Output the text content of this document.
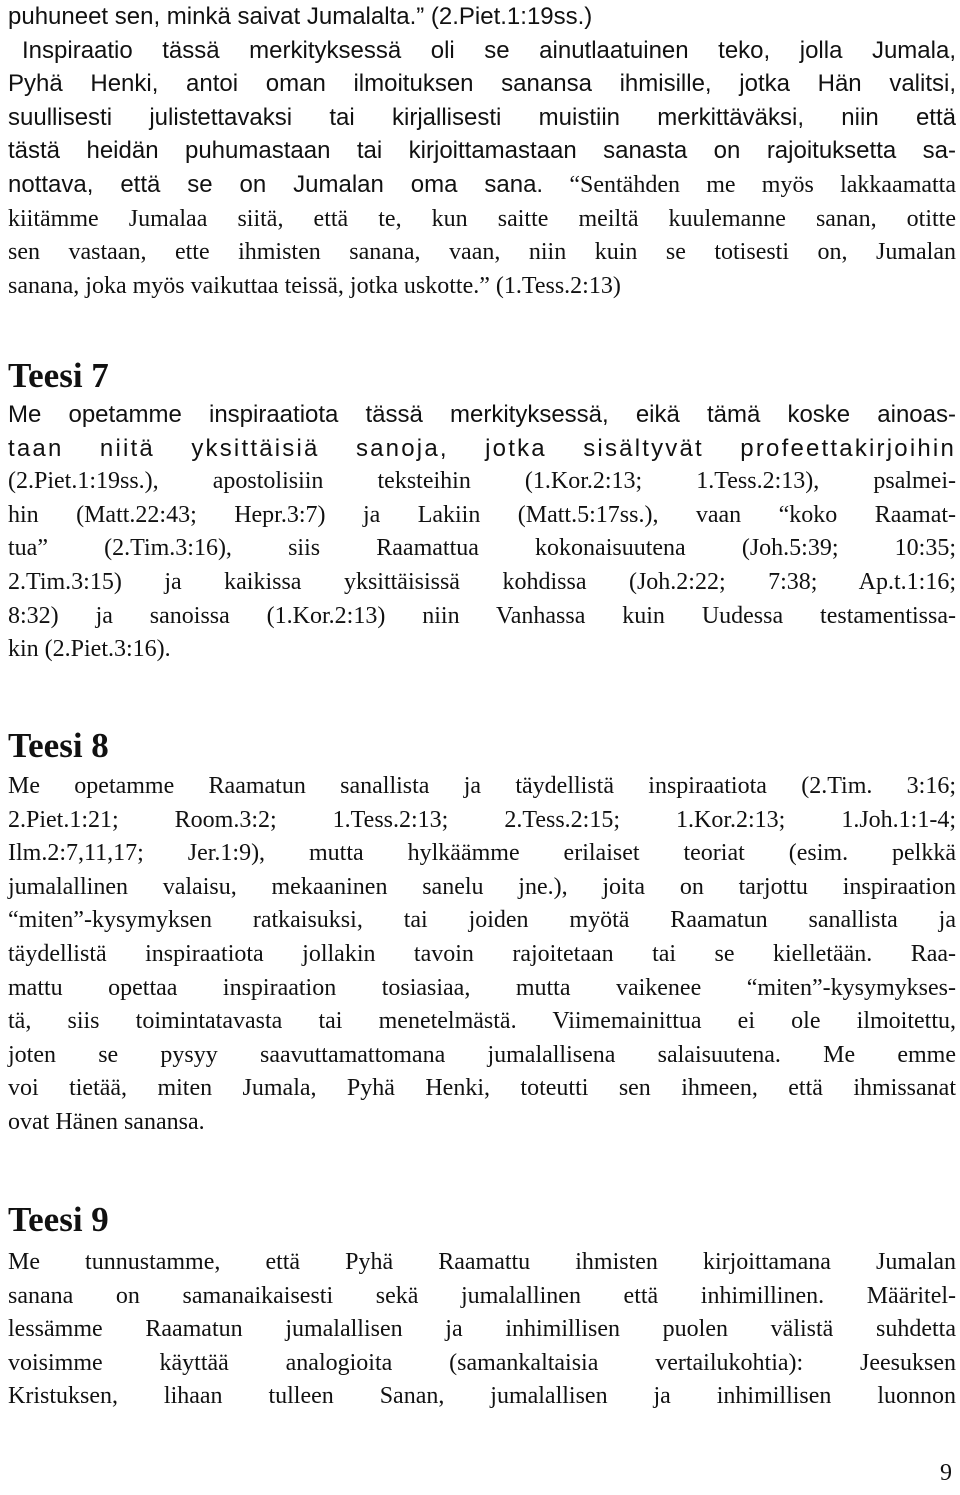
puhuneet sen, minkä saivat Jumalalta.” (2.Piet.1:19ss.)
Inspiraatio tässä merkityksessä oli se ainutlaatuinen teko, jolla Jumala,
Pyhä Henki, antoi oman ilmoituksen sanansa ihmisille, jotka Hän valitsi,
suullisesti julistettavaksi tai kirjallisesti muistiin merkittäväksi, niin että
tästä heidän puhumastaan tai kirjoittamastaan sanasta on rajoituksetta sa-
nottava, että se on Jumalan oma sana. “Sentähden me myös lakkaamatta
kiitämme Jumalaa siitä, että te, kun saitte meiltä kuulemanne sanan, otitte
sen vastaan, ette ihmisten sanana, vaan, niin kuin se totisesti on, Jumalan
sanana, joka myös vaikuttaa teissä, jotka uskotte.” (1.Tess.2:13)
Teesi 7
Me opetamme inspiraatiota tässä merkityksessä, eikä tämä koske ainoas-
taan niitä yksittäisiä sanoja, jotka sisältyvät profeettakirjoihin
(2.Piet.1:19ss.), apostolisiin teksteihin (1.Kor.2:13; 1.Tess.2:13), psalmei-
hin (Matt.22:43; Hepr.3:7) ja Lakiin (Matt.5:17ss.), vaan “koko Raamat-
tua” (2.Tim.3:16), siis Raamattua kokonaisuutena (Joh.5:39; 10:35;
2.Tim.3:15) ja kaikissa yksittäisissä kohdissa (Joh.2:22; 7:38; Ap.t.1:16;
8:32) ja sanoissa (1.Kor.2:13) niin Vanhassa kuin Uudessa testamentissa-
kin (2.Piet.3:16).
Teesi 8
Me opetamme Raamatun sanallista ja täydellistä inspiraatiota (2.Tim. 3:16;
2.Piet.1:21; Room.3:2; 1.Tess.2:13; 2.Tess.2:15; 1.Kor.2:13; 1.Joh.1:1-4;
Ilm.2:7,11,17; Jer.1:9), mutta hylkäämme erilaiset teoriat (esim. pelkkä
jumalallinen valaisu, mekaaninen sanelu jne.), joita on tarjottu inspiraation
“miten”-kysymyksen ratkaisuksi, tai joiden myötä Raamatun sanallista ja
täydellistä inspiraatiota jollakin tavoin rajoitetaan tai se kielletään. Raa-
mattu opettaa inspiraation tosiasiaa, mutta vaikenee “miten”-kysymykses-
tä, siis toimintatavasta tai menetelmästä. Viimemainittua ei ole ilmoitettu,
joten se pysyy saavuttamattomana jumalallisena salaisuutena. Me emme
voi tietää, miten Jumala, Pyhä Henki, toteutti sen ihmeen, että ihmissanat
ovat Hänen sanansa.
Teesi 9
Me tunnustamme, että Pyhä Raamattu ihmisten kirjoittamana Jumalan
sanana on samanaikaisesti sekä jumalallinen että inhimillinen. Määritel-
lessämme Raamatun jumalallisen ja inhimillisen puolen välistä suhdetta
voisimme käyttää analogioita (samankaltaisia vertailukohtia): Jeesuksen
Kristuksen, lihaan tulleen Sanan, jumalallisen ja inhimillisen luonnon
9
